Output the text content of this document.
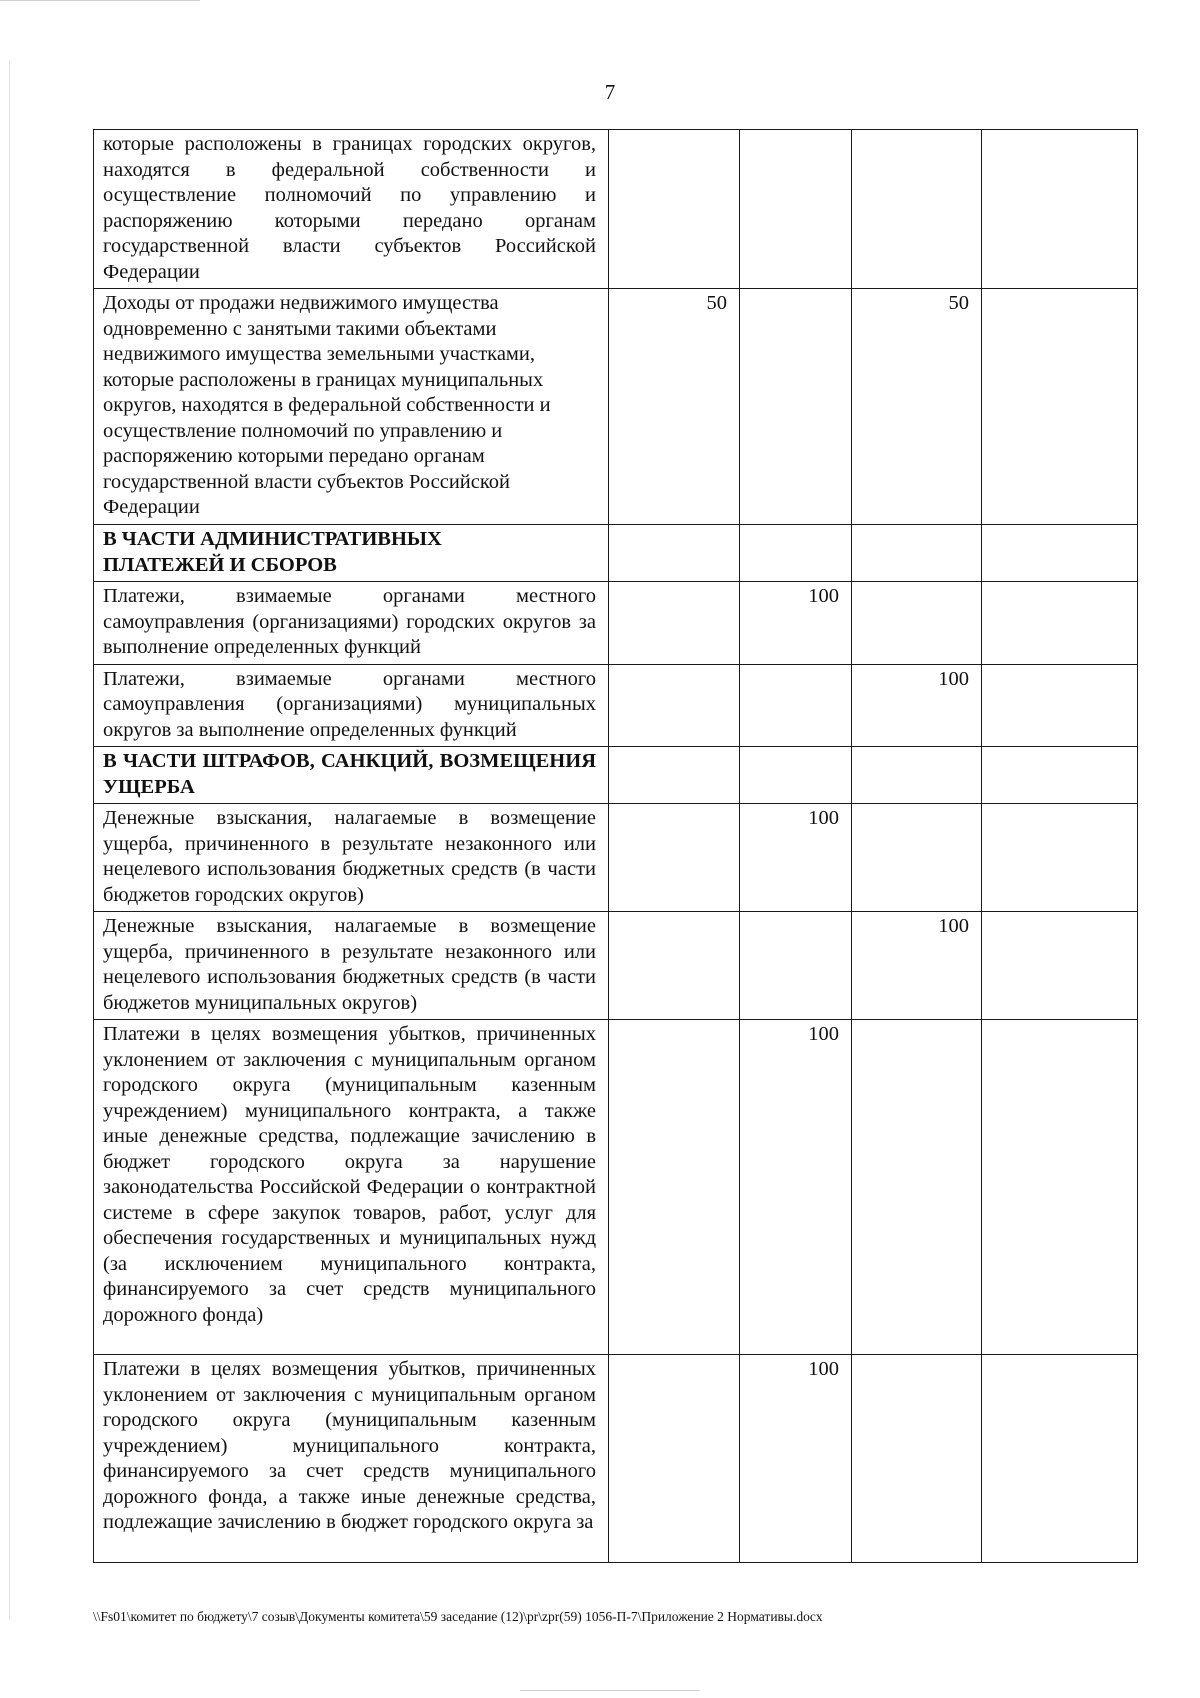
7
которые расположены в границах городских округов, находятся в федеральной собственности и осуществление полномочий по управлению и распоряжению которыми передано органам государственной власти субъектов Российской Федерации				
Доходы от продажи недвижимого имущества одновременно с занятыми такими объектами недвижимого имущества земельными участками, которые расположены в границах муниципальных округов, находятся в федеральной собственности и осуществление полномочий по управлению и распоряжению которыми передано органам государственной власти субъектов Российской Федерации	50		50	
В ЧАСТИ АДМИНИСТРАТИВНЫХ ПЛАТЕЖЕЙ И СБОРОВ				
Платежи, взимаемые органами местного самоуправления (организациями) городских округов за выполнение определенных функций		100		
Платежи, взимаемые органами местного самоуправления (организациями) муниципальных округов за выполнение определенных функций			100	
В ЧАСТИ ШТРАФОВ, САНКЦИЙ, ВОЗМЕЩЕНИЯ УЩЕРБА				
Денежные взыскания, налагаемые в возмещение ущерба, причиненного в результате незаконного или нецелевого использования бюджетных средств (в части бюджетов городских округов)		100		
Денежные взыскания, налагаемые в возмещение ущерба, причиненного в результате незаконного или нецелевого использования бюджетных средств (в части бюджетов муниципальных округов)			100	
Платежи в целях возмещения убытков, причиненных уклонением от заключения с муниципальным органом городского округа (муниципальным казенным учреждением) муниципального контракта, а также иные денежные средства, подлежащие зачислению в бюджет городского округа за нарушение законодательства Российской Федерации о контрактной системе в сфере закупок товаров, работ, услуг для обеспечения государственных и муниципальных нужд (за исключением муниципального контракта, финансируемого за счет средств муниципального дорожного фонда)		100		
Платежи в целях возмещения убытков, причиненных уклонением от заключения с муниципальным органом городского округа (муниципальным казенным учреждением) муниципального контракта, финансируемого за счет средств муниципального дорожного фонда, а также иные денежные средства, подлежащие зачислению в бюджет городского округа за		100		
\\Fs01\комитет по бюджету\7 созыв\Документы комитета\59 заседание (12)\pr\zpr(59) 1056-П-7\Приложение 2 Нормативы.docx
